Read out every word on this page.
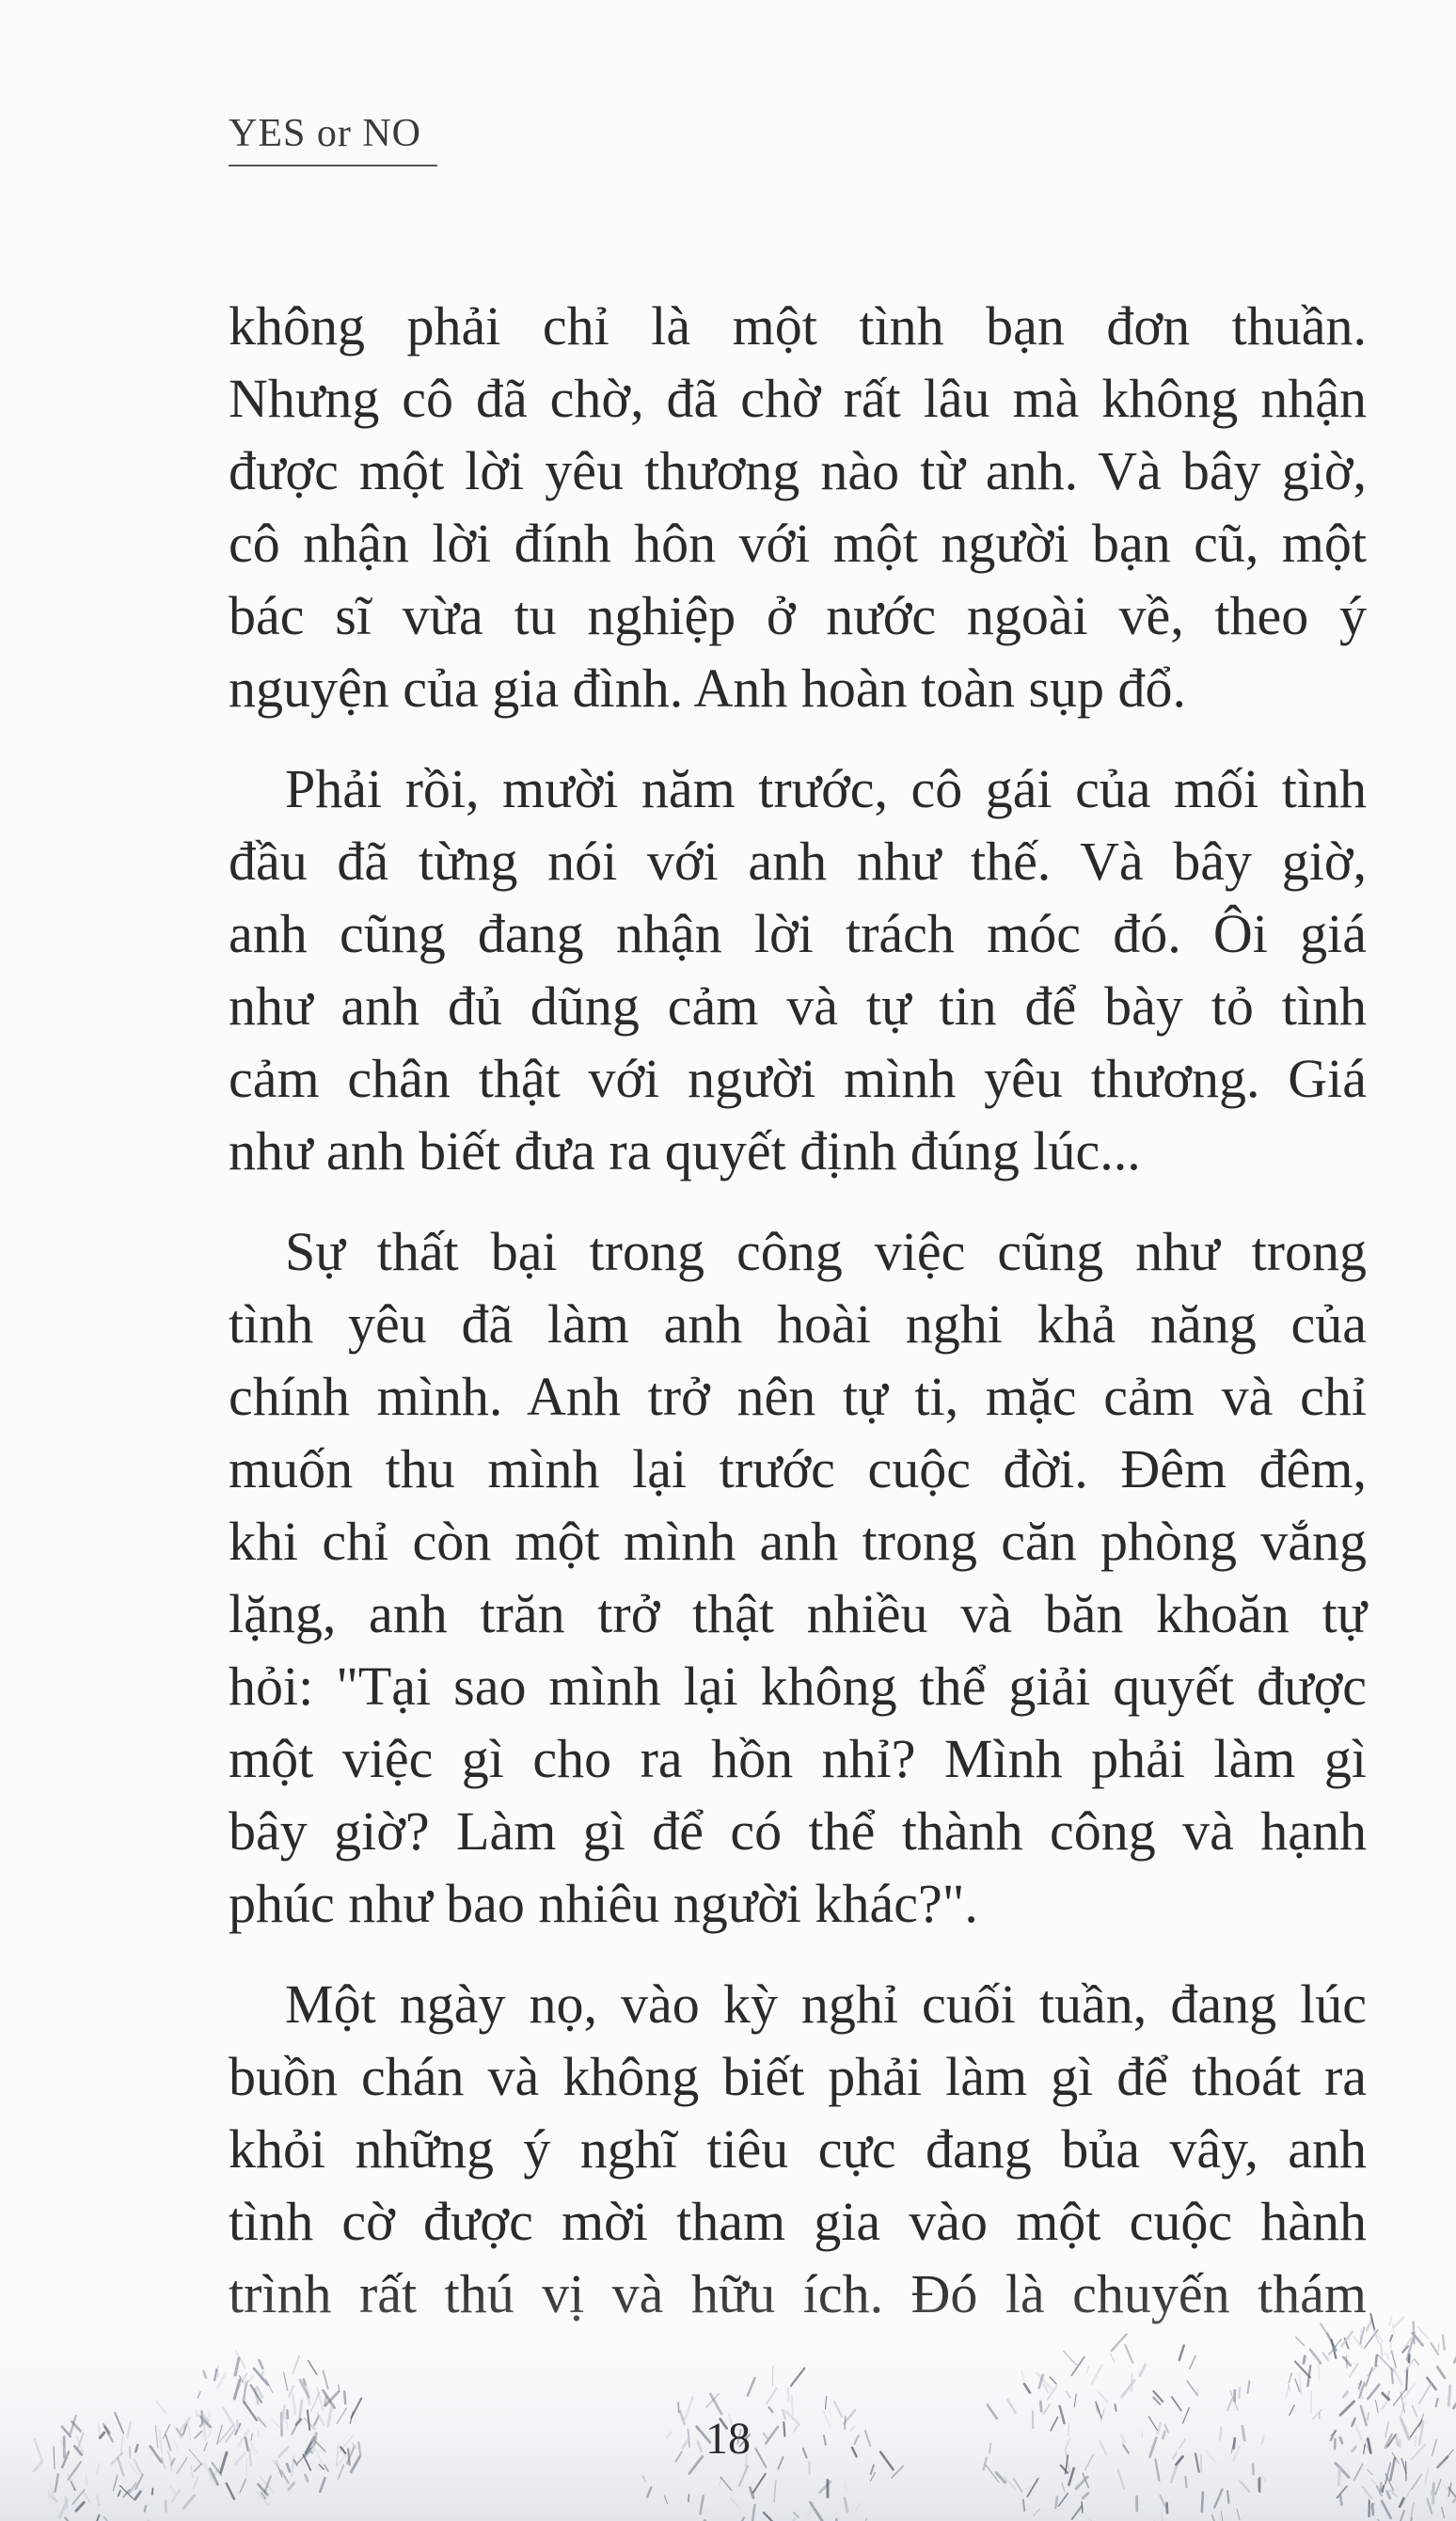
YES or NO
không phải chỉ là một tình bạn đơn thuần.
Nhưng cô đã chờ, đã chờ rất lâu mà không nhận
được một lời yêu thương nào từ anh. Và bây giờ,
cô nhận lời đính hôn với một người bạn cũ, một
bác sĩ vừa tu nghiệp ở nước ngoài về, theo ý
nguyện của gia đình. Anh hoàn toàn sụp đổ.
Phải rồi, mười năm trước, cô gái của mối tình
đầu đã từng nói với anh như thế. Và bây giờ,
anh cũng đang nhận lời trách móc đó. Ôi giá
như anh đủ dũng cảm và tự tin để bày tỏ tình
cảm chân thật với người mình yêu thương. Giá
như anh biết đưa ra quyết định đúng lúc...
Sự thất bại trong công việc cũng như trong
tình yêu đã làm anh hoài nghi khả năng của
chính mình. Anh trở nên tự ti, mặc cảm và chỉ
muốn thu mình lại trước cuộc đời. Đêm đêm,
khi chỉ còn một mình anh trong căn phòng vắng
lặng, anh trăn trở thật nhiều và băn khoăn tự
hỏi: "Tại sao mình lại không thể giải quyết được
một việc gì cho ra hồn nhỉ? Mình phải làm gì
bây giờ? Làm gì để có thể thành công và hạnh
phúc như bao nhiêu người khác?".
Một ngày nọ, vào kỳ nghỉ cuối tuần, đang lúc
buồn chán và không biết phải làm gì để thoát ra
khỏi những ý nghĩ tiêu cực đang bủa vây, anh
tình cờ được mời tham gia vào một cuộc hành
18
